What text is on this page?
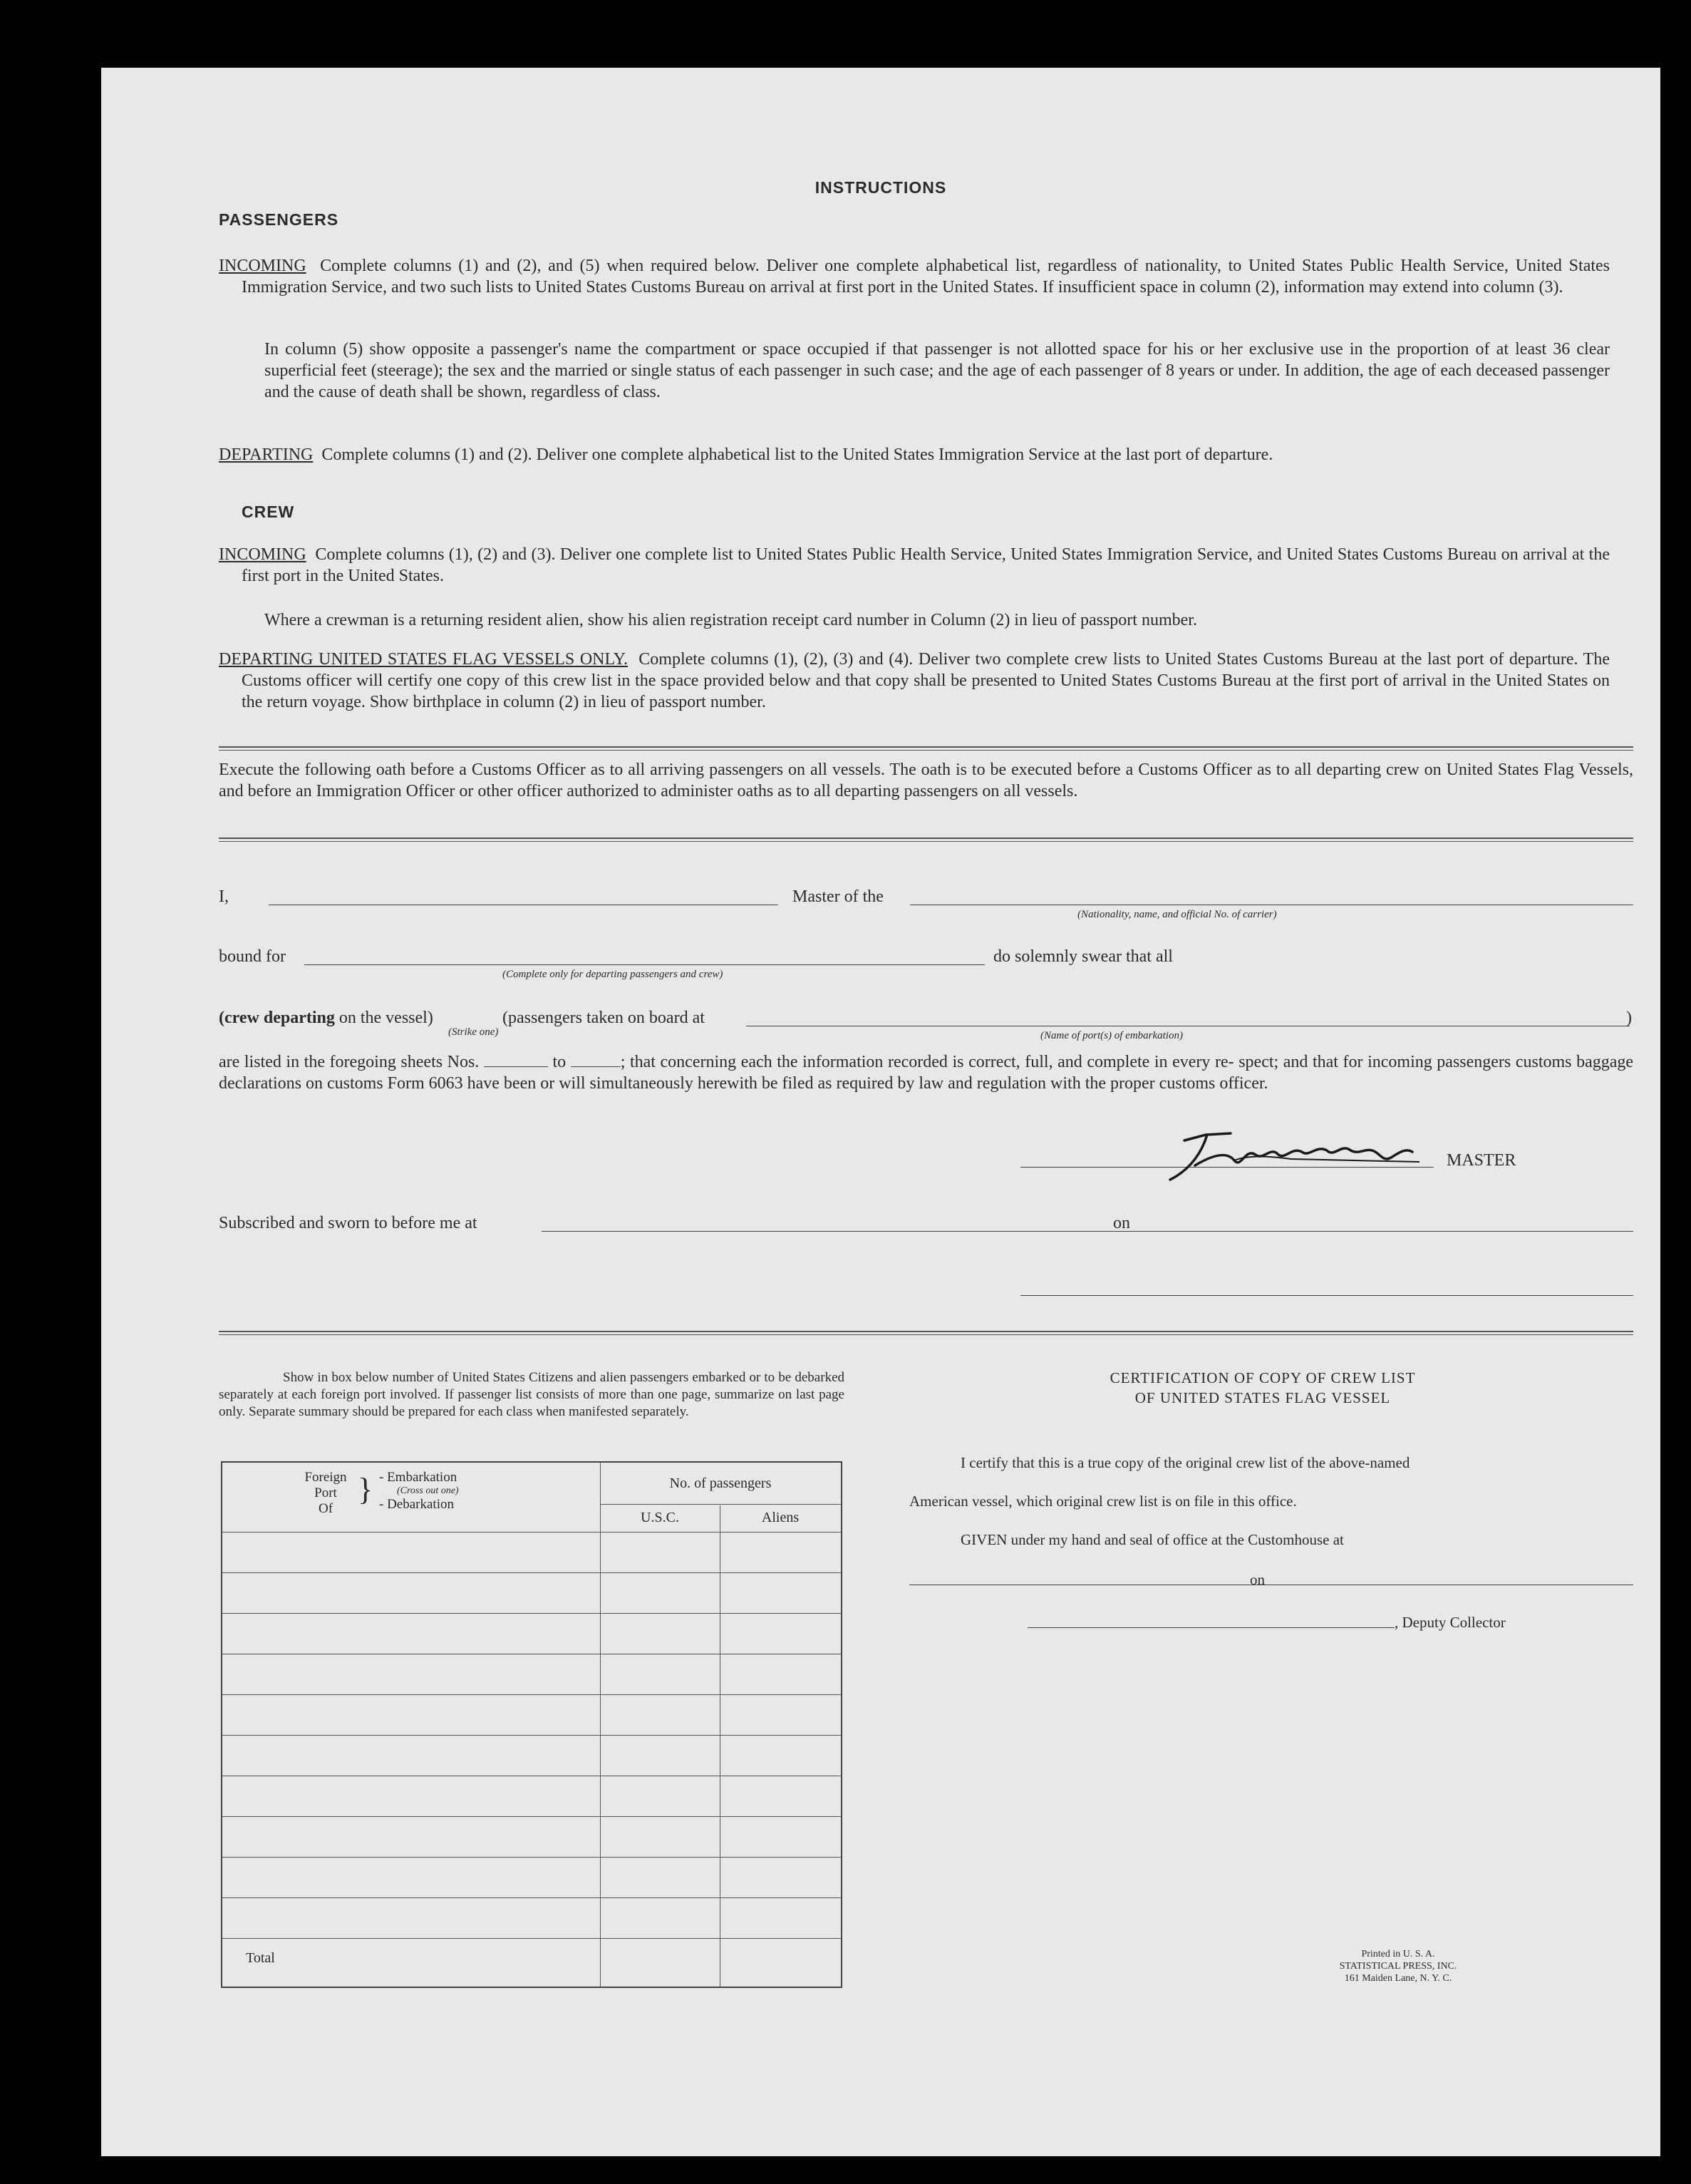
INSTRUCTIONS
PASSENGERS
INCOMING Complete columns (1) and (2), and (5) when required below. Deliver one complete alphabetical list, regardless of nationality, to United States Public Health Service, United States Immigration Service, and two such lists to United States Customs Bureau on arrival at first port in the United States. If insufficient space in column (2), information may extend into column (3).
In column (5) show opposite a passenger's name the compartment or space occupied if that passenger is not allotted space for his or her exclusive use in the proportion of at least 36 clear superficial feet (steerage); the sex and the married or single status of each passenger in such case; and the age of each passenger of 8 years or under. In addition, the age of each deceased passenger and the cause of death shall be shown, regardless of class.
DEPARTING Complete columns (1) and (2). Deliver one complete alphabetical list to the United States Immigration Service at the last port of departure.
CREW
INCOMING Complete columns (1), (2) and (3). Deliver one complete list to United States Public Health Service, United States Immigration Service, and United States Customs Bureau on arrival at the first port in the United States.
Where a crewman is a returning resident alien, show his alien registration receipt card number in Column (2) in lieu of passport number.
DEPARTING UNITED STATES FLAG VESSELS ONLY. Complete columns (1), (2), (3) and (4). Deliver two complete crew lists to United States Customs Bureau at the last port of departure. The Customs officer will certify one copy of this crew list in the space provided below and that copy shall be presented to United States Customs Bureau at the first port of arrival in the United States on the return voyage. Show birthplace in column (2) in lieu of passport number.
Execute the following oath before a Customs Officer as to all arriving passengers on all vessels. The oath is to be executed before a Customs Officer as to all departing crew on United States Flag Vessels, and before an Immigration Officer or other officer authorized to administer oaths as to all departing passengers on all vessels.
I,	Master of the
(Nationality, name, and official No. of carrier)
bound for
(Complete only for departing passengers and crew)
do solemnly swear that all
(crew departing on the vessel)	(passengers taken on board at
(Strike one)
)
(Name of port(s) of embarkation)
are listed in the foregoing sheets Nos.	to	; that concerning each the information recorded is correct, full, and complete in every re- spect; and that for incoming passengers customs baggage declarations on customs Form 6063 have been or will simultaneously herewith be filed as required by law and regulation with the proper customs officer.
MASTER
Subscribed and sworn to before me at	on
Show in box below number of United States Citizens and alien passengers embarked or to be debarked separately at each foreign port involved. If passenger list consists of more than one page, summarize on last page only. Separate summary should be prepared for each class when manifested separately.
Foreign
Port
Of
} - Embarkation
(Cross out one)
- Debarkation
No. of passengers
U.S.C.	Aliens
Total
CERTIFICATION OF COPY OF CREW LIST
OF UNITED STATES FLAG VESSEL
I certify that this is a true copy of the original crew list of the above-named
American vessel, which original crew list is on file in this office.
GIVEN under my hand and seal of office at the Customhouse at
on
, Deputy Collector
Printed in U. S. A.
STATISTICAL PRESS, INC.
161 Maiden Lane, N. Y. C.
